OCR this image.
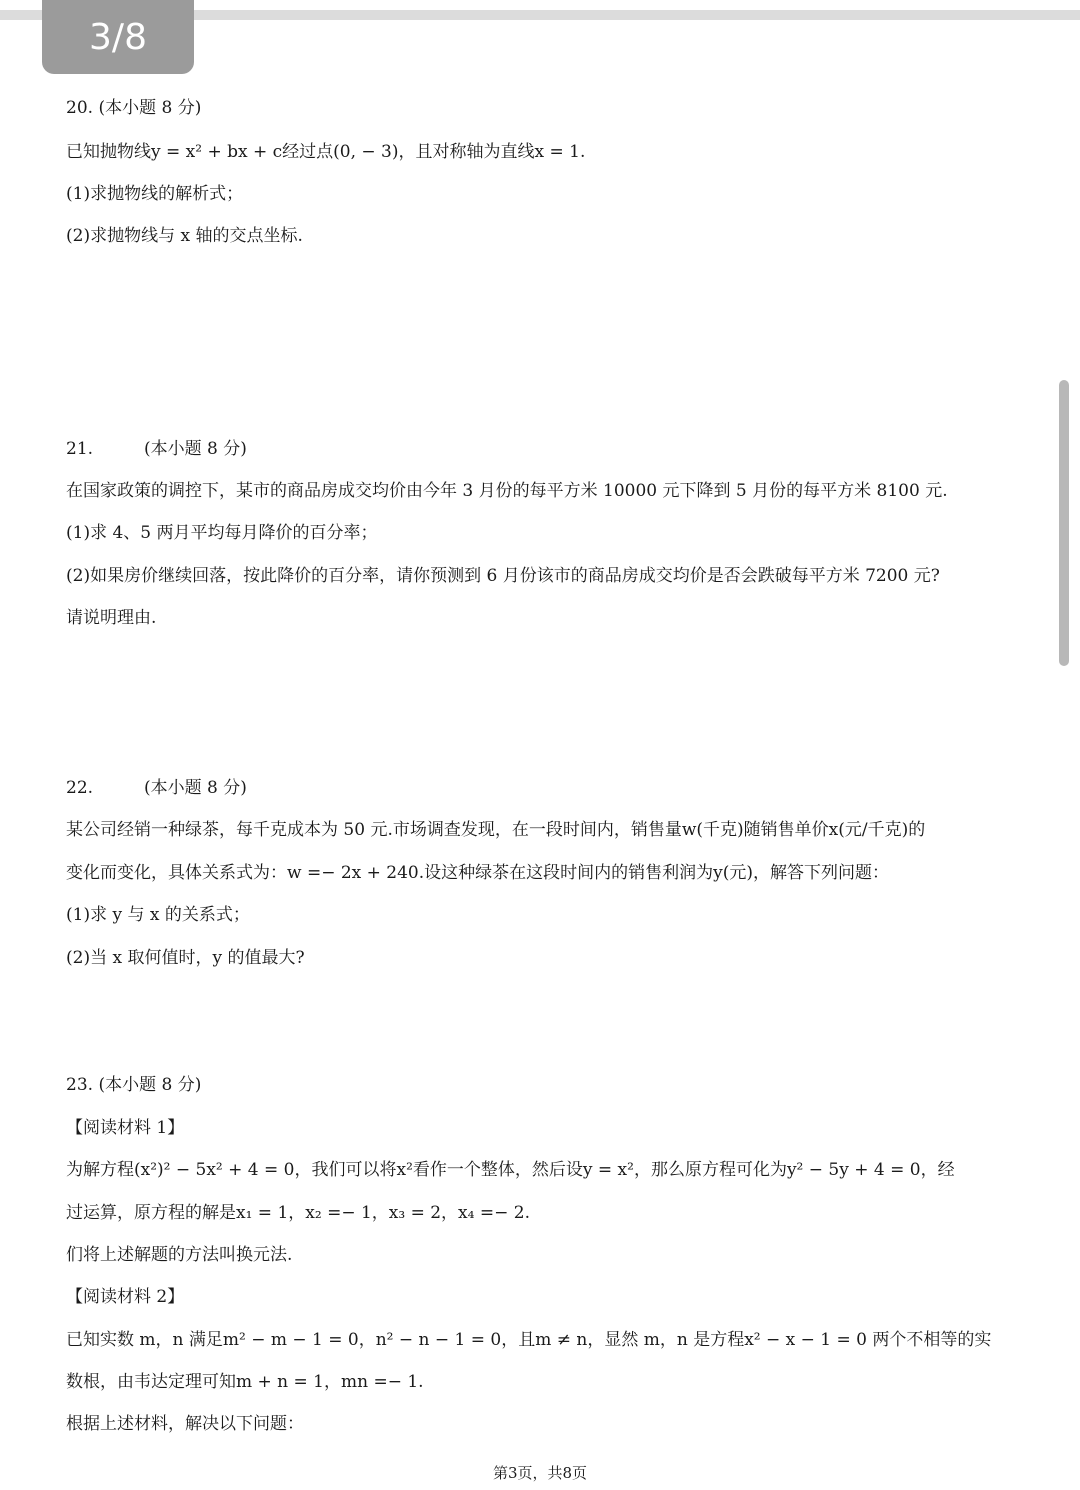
3/8
20. (本小题 8 分)
已知抛物线y = x² + bx + c经过点(0, − 3)，且对称轴为直线x = 1.
(1)求抛物线的解析式；
(2)求抛物线与 x 轴的交点坐标.
21.	(本小题 8 分)
在国家政策的调控下，某市的商品房成交均价由今年 3 月份的每平方米 10000 元下降到 5 月份的每平方米 8100 元.
(1)求 4、5 两月平均每月降价的百分率；
(2)如果房价继续回落，按此降价的百分率，请你预测到 6 月份该市的商品房成交均价是否会跌破每平方米 7200 元?
请说明理由.
22.	(本小题 8 分)
某公司经销一种绿茶，每千克成本为 50 元.市场调查发现，在一段时间内，销售量w(千克)随销售单价x(元/千克)的
变化而变化，具体关系式为：w =− 2x + 240.设这种绿茶在这段时间内的销售利润为y(元)，解答下列问题：
(1)求 y 与 x 的关系式；
(2)当 x 取何值时，y 的值最大?
23. (本小题 8 分)
【阅读材料 1】
为解方程(x²)² − 5x² + 4 = 0，我们可以将x²看作一个整体，然后设y = x²，那么原方程可化为y² − 5y + 4 = 0，经
过运算，原方程的解是x₁ = 1，x₂ =− 1，x₃ = 2，x₄ =− 2.
们将上述解题的方法叫换元法.
【阅读材料 2】
已知实数 m，n 满足m² − m − 1 = 0，n² − n − 1 = 0，且m ≠ n，显然 m，n 是方程x² − x − 1 = 0 两个不相等的实
数根，由韦达定理可知m + n = 1，mn =− 1.
根据上述材料，解决以下问题：
第3页，共8页
